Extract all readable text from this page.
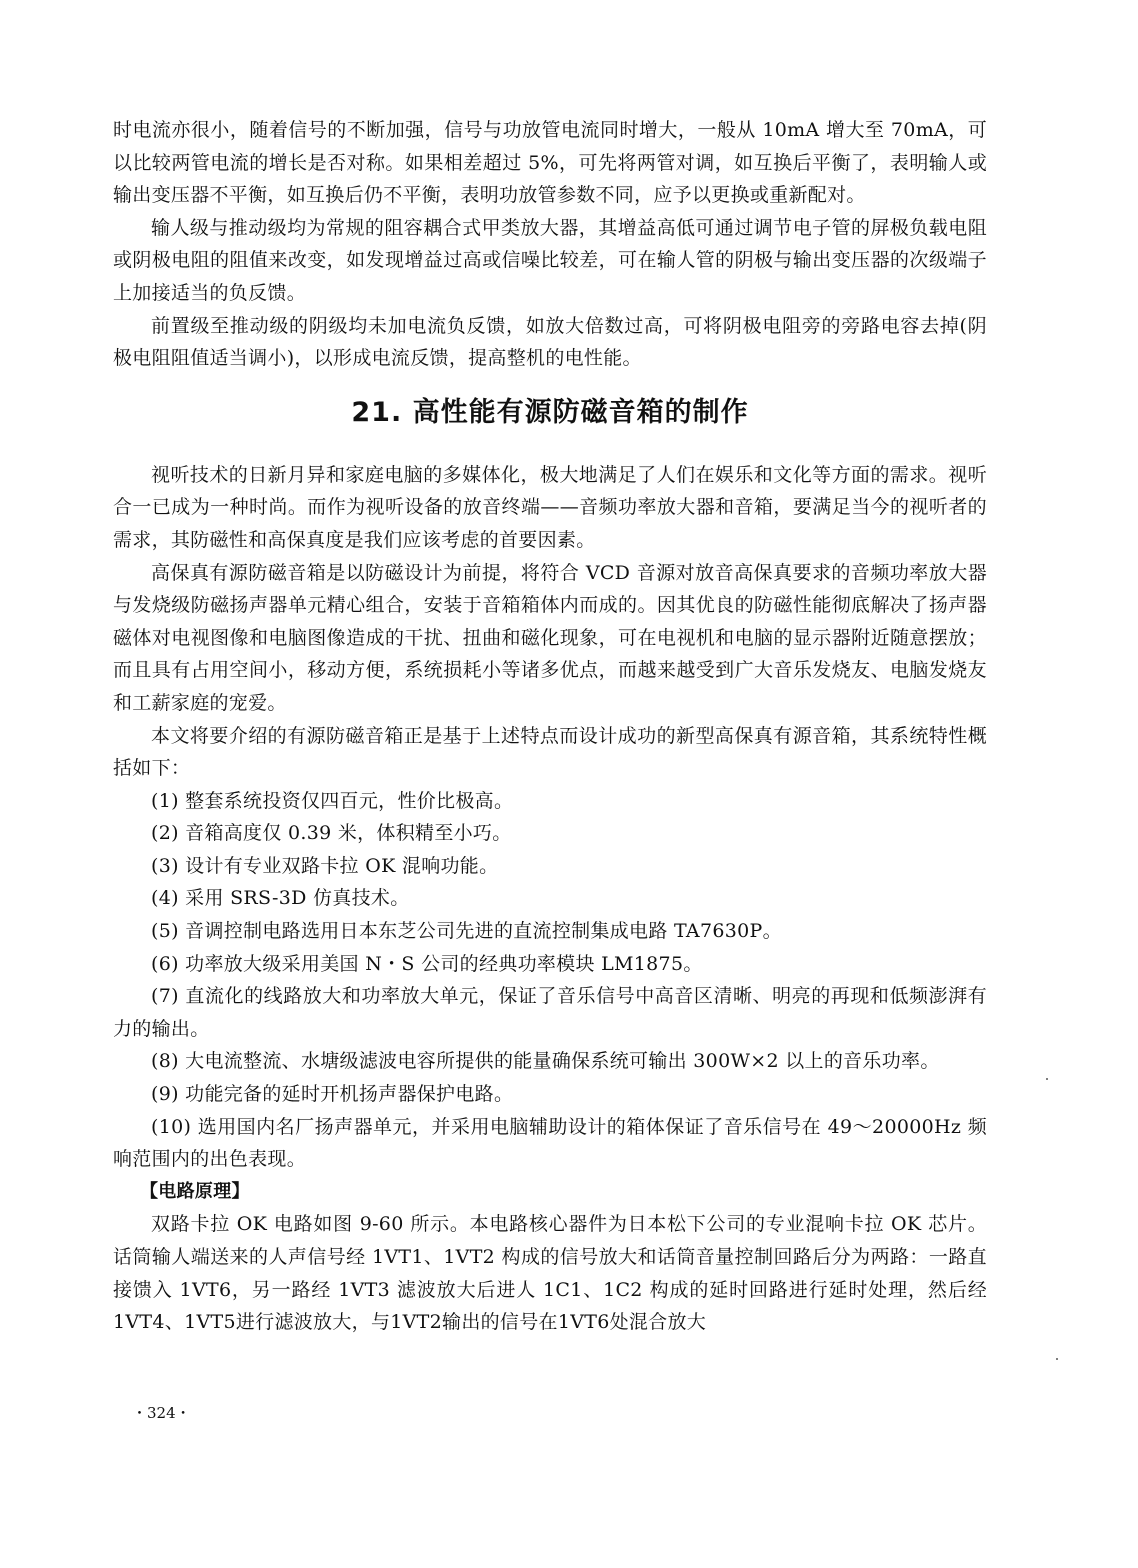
时电流亦很小，随着信号的不断加强，信号与功放管电流同时增大，一般从 10mA 增大至 70mA，可以比较两管电流的增长是否对称。如果相差超过 5%，可先将两管对调，如互换后平衡了，表明输人或输出变压器不平衡，如互换后仍不平衡，表明功放管参数不同，应予以更换或重新配对。

输人级与推动级均为常规的阻容耦合式甲类放大器，其增益高低可通过调节电子管的屏极负载电阻或阴极电阻的阻值来改变，如发现增益过高或信噪比较差，可在输人管的阴极与输出变压器的次级端子上加接适当的负反馈。

前置级至推动级的阴级均未加电流负反馈，如放大倍数过高，可将阴极电阻旁的旁路电容去掉(阴极电阻阻值适当调小)，以形成电流反馈，提高整机的电性能。

21. 高性能有源防磁音箱的制作

视听技术的日新月异和家庭电脑的多媒体化，极大地满足了人们在娱乐和文化等方面的需求。视听合一已成为一种时尚。而作为视听设备的放音终端——音频功率放大器和音箱，要满足当今的视听者的需求，其防磁性和高保真度是我们应该考虑的首要因素。

高保真有源防磁音箱是以防磁设计为前提，将符合 VCD 音源对放音高保真要求的音频功率放大器与发烧级防磁扬声器单元精心组合，安装于音箱箱体内而成的。因其优良的防磁性能彻底解决了扬声器磁体对电视图像和电脑图像造成的干扰、扭曲和磁化现象，可在电视机和电脑的显示器附近随意摆放；而且具有占用空间小，移动方便，系统损耗小等诸多优点，而越来越受到广大音乐发烧友、电脑发烧友和工薪家庭的宠爱。

本文将要介绍的有源防磁音箱正是基于上述特点而设计成功的新型高保真有源音箱，其系统特性概括如下：

(1) 整套系统投资仅四百元，性价比极高。

(2) 音箱高度仅 0.39 米，体积精至小巧。

(3) 设计有专业双路卡拉 OK 混响功能。

(4) 采用 SRS-3D 仿真技术。

(5) 音调控制电路选用日本东芝公司先进的直流控制集成电路 TA7630P。

(6) 功率放大级采用美国 N・S 公司的经典功率模块 LM1875。

(7) 直流化的线路放大和功率放大单元，保证了音乐信号中高音区清晰、明亮的再现和低频澎湃有力的输出。

(8) 大电流整流、水塘级滤波电容所提供的能量确保系统可输出 300W×2 以上的音乐功率。

(9) 功能完备的延时开机扬声器保护电路。

(10) 选用国内名厂扬声器单元，并采用电脑辅助设计的箱体保证了音乐信号在 49～20000Hz 频响范围内的出色表现。

【电路原理】

双路卡拉 OK 电路如图 9-60 所示。本电路核心器件为日本松下公司的专业混响卡拉 OK 芯片。话筒输人端送来的人声信号经 1VT1、1VT2 构成的信号放大和话筒音量控制回路后分为两路：一路直接馈入 1VT6，另一路经 1VT3 滤波放大后进人 1C1、1C2 构成的延时回路进行延时处理，然后经1VT4、1VT5进行滤波放大，与1VT2输出的信号在1VT6处混合放大

・324・
